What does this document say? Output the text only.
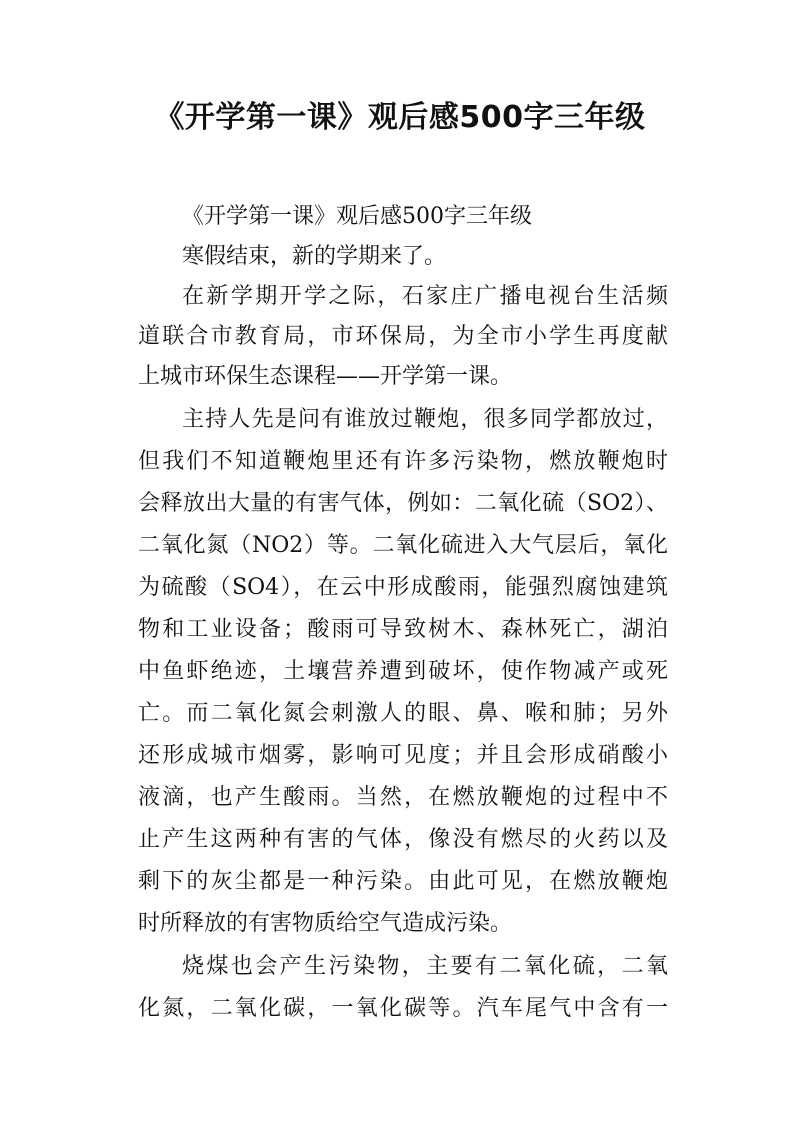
《开学第一课》观后感500字三年级
《开学第一课》观后感500字三年级
寒假结束，新的学期来了。
在新学期开学之际，石家庄广播电视台生活频
道联合市教育局，市环保局，为全市小学生再度献
上城市环保生态课程——开学第一课。
主持人先是问有谁放过鞭炮，很多同学都放过，
但我们不知道鞭炮里还有许多污染物，燃放鞭炮时
会释放出大量的有害气体，例如：二氧化硫（SO2）、
二氧化氮（NO2）等。二氧化硫进入大气层后，氧化
为硫酸（SO4），在云中形成酸雨，能强烈腐蚀建筑
物和工业设备；酸雨可导致树木、森林死亡，湖泊
中鱼虾绝迹，土壤营养遭到破坏，使作物减产或死
亡。而二氧化氮会刺激人的眼、鼻、喉和肺；另外
还形成城市烟雾，影响可见度；并且会形成硝酸小
液滴，也产生酸雨。当然，在燃放鞭炮的过程中不
止产生这两种有害的气体，像没有燃尽的火药以及
剩下的灰尘都是一种污染。由此可见，在燃放鞭炮
时所释放的有害物质给空气造成污染。
烧煤也会产生污染物，主要有二氧化硫，二氧
化氮，二氧化碳，一氧化碳等。汽车尾气中含有一
